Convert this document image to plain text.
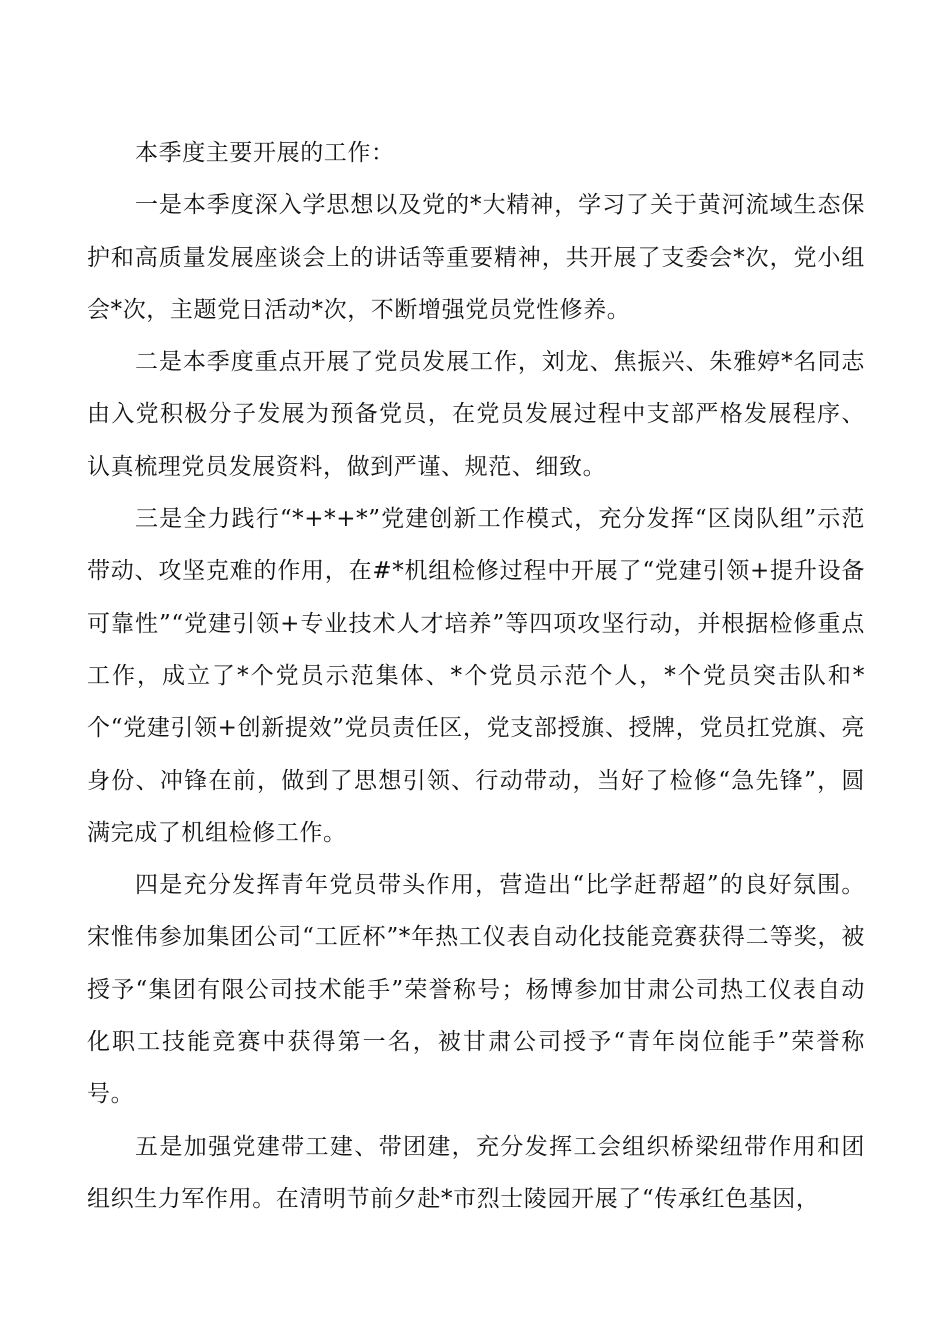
本季度主要开展的工作：

一是本季度深入学思想以及党的*大精神，学习了关于黄河流域生态保护和高质量发展座谈会上的讲话等重要精神，共开展了支委会*次，党小组会*次，主题党日活动*次，不断增强党员党性修养。

二是本季度重点开展了党员发展工作，刘龙、焦振兴、朱雅婷*名同志由入党积极分子发展为预备党员，在党员发展过程中支部严格发展程序、认真梳理党员发展资料，做到严谨、规范、细致。

三是全力践行“*+*+*”党建创新工作模式，充分发挥“区岗队组”示范带动、攻坚克难的作用，在#*机组检修过程中开展了“党建引领+提升设备可靠性”“党建引领+专业技术人才培养”等四项攻坚行动，并根据检修重点工作，成立了*个党员示范集体、*个党员示范个人，*个党员突击队和*个“党建引领+创新提效”党员责任区，党支部授旗、授牌，党员扛党旗、亮身份、冲锋在前，做到了思想引领、行动带动，当好了检修“急先锋”，圆满完成了机组检修工作。

四是充分发挥青年党员带头作用，营造出“比学赶帮超”的良好氛围。宋惟伟参加集团公司“工匠杯”*年热工仪表自动化技能竞赛获得二等奖，被授予“集团有限公司技术能手”荣誉称号；杨博参加甘肃公司热工仪表自动化职工技能竞赛中获得第一名，被甘肃公司授予“青年岗位能手”荣誉称号。

五是加强党建带工建、带团建，充分发挥工会组织桥梁纽带作用和团组织生力军作用。在清明节前夕赴*市烈士陵园开展了“传承红色基因，
